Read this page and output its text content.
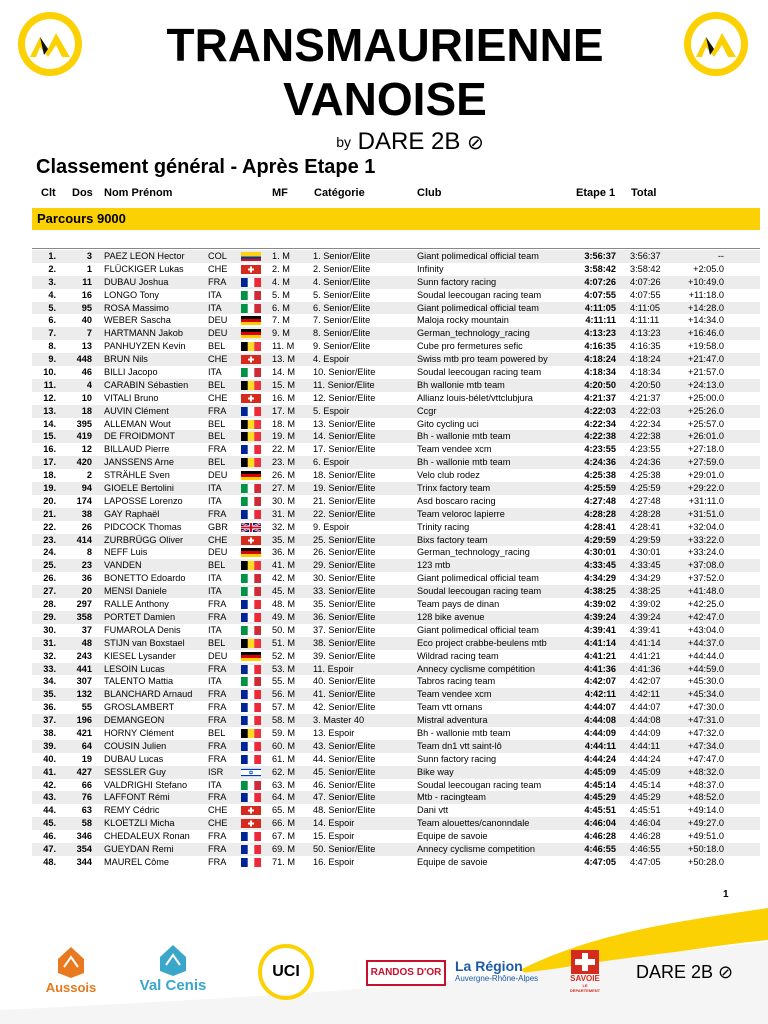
TRANSMAURIENNE
VANOISE
$^{by}$ DARE 2B ⊘
Classement général - Après Etape 1
Clt Dos Nom Prénom	MF Catégorie	Club	Etape 1 Total
Parcours 9000
1.	3 PAEZ LEON Hector	COL	1. M	1. Senior/Elite	Giant polimedical official team	3:56:37 3:56:37	--
2.	1 FLÜCKIGER Lukas	CHE	2. M	2. Senior/Elite	Infinity	3:58:42 3:58:42	+2:05.0
3.	11 DUBAU Joshua	FRA	4. M	4. Senior/Elite	Sunn factory racing	4:07:26 4:07:26	+10:49.0
4.	16 LONGO Tony	ITA	5. M	5. Senior/Elite	Soudal leecougan racing team	4:07:55 4:07:55	+11:18.0
5.	95 ROSA Massimo	ITA	6. M	6. Senior/Elite	Giant polimedical official team	4:11:05 4:11:05	+14:28.0
6.	40 WEBER Sascha	DEU	7. M	7. Senior/Elite	Maloja rocky mountain	4:11:11 4:11:11	+14:34.0
7.	7 HARTMANN Jakob	DEU	9. M	8. Senior/Elite	German_technology_racing	4:13:23 4:13:23	+16:46.0
8.	13 PANHUYZEN Kevin BEL	11. M 9. Senior/Elite	Cube pro fermetures sefic	4:16:35 4:16:35	+19:58.0
9.	448 BRUN Nils	CHE	13. M 4. Espoir	Swiss mtb pro team powered by	4:18:24 4:18:24	+21:47.0
10.	46 BILLI Jacopo	ITA	14. M 10. Senior/Elite	Soudal leecougan racing team	4:18:34 4:18:34	+21:57.0
11.	4 CARABIN Sébastien BEL	15. M 11. Senior/Elite	Bh wallonie mtb team	4:20:50 4:20:50	+24:13.0
12.	10 VITALI Bruno	CHE	16. M 12. Senior/Elite	Allianz louis-bélet/vttclubjura	4:21:37 4:21:37	+25:00.0
13.	18 AUVIN Clément	FRA	17. M 5. Espoir	Ccgr	4:22:03 4:22:03	+25:26.0
14.	395 ALLEMAN Wout	BEL	18. M 13. Senior/Elite	Gito cycling uci	4:22:34 4:22:34	+25:57.0
15.	419 DE FROIDMONT	BEL	19. M 14. Senior/Elite	Bh - wallonie mtb team	4:22:38 4:22:38	+26:01.0
16.	12 BILLAUD Pierre	FRA	22. M 17. Senior/Elite	Team vendee xcm	4:23:55 4:23:55	+27:18.0
17.	420 JANSSENS Arne	BEL	23. M 6. Espoir	Bh - wallonie mtb team	4:24:36 4:24:36	+27:59.0
18.	2 STRÄHLE Sven	DEU	26. M 18. Senior/Elite	Velo club rodez	4:25:38 4:25:38	+29:01.0
19.	94 GIOELE Bertolini	ITA	27. M 19. Senior/Elite	Trinx factory team	4:25:59 4:25:59	+29:22.0
20.	174 LAPOSSE Lorenzo	ITA	30. M 21. Senior/Elite	Asd boscaro racing	4:27:48 4:27:48	+31:11.0
21.	38 GAY Raphaël	FRA	31. M 22. Senior/Elite	Team veloroc lapierre	4:28:28 4:28:28	+31:51.0
22.	26 PIDCOCK Thomas	GBR	32. M 9. Espoir	Trinity racing	4:28:41 4:28:41	+32:04.0
23.	414 ZURBRÜGG Oliver	CHE	35. M 25. Senior/Elite	Bixs factory team	4:29:59 4:29:59	+33:22.0
24.	8 NEFF Luis	DEU	36. M 26. Senior/Elite	German_technology_racing	4:30:01 4:30:01	+33:24.0
25.	23 VANDEN	BEL	41. M 29. Senior/Elite	123 mtb	4:33:45 4:33:45	+37:08.0
26.	36 BONETTO Edoardo ITA	42. M 30. Senior/Elite	Giant polimedical official team	4:34:29 4:34:29	+37:52.0
27.	20 MENSI Daniele	ITA	45. M 33. Senior/Elite	Soudal leecougan racing team	4:38:25 4:38:25	+41:48.0
28.	297 RALLE Anthony	FRA	48. M 35. Senior/Elite	Team pays de dinan	4:39:02 4:39:02	+42:25.0
29.	358 PORTET Damien	FRA	49. M 36. Senior/Elite	128 bike avenue	4:39:24 4:39:24	+42:47.0
30.	37 FUMAROLA Denis	ITA	50. M 37. Senior/Elite	Giant polimedical official team	4:39:41 4:39:41	+43:04.0
31.	48 STIJN van Boxstael	BEL	51. M 38. Senior/Elite	Eco project crabbe-beulens mtb	4:41:14 4:41:14	+44:37.0
32.	243 KIESEL Lysander	DEU	52. M 39. Senior/Elite	Wildrad racing team	4:41:21 4:41:21	+44:44.0
33.	441 LESOIN Lucas	FRA	53. M 11. Espoir	Annecy cyclisme compétition	4:41:36 4:41:36	+44:59.0
34.	307 TALENTO Mattia	ITA	55. M 40. Senior/Elite	Tabros racing team	4:42:07 4:42:07	+45:30.0
35.	132 BLANCHARD Arnaud FRA	56. M 41. Senior/Elite	Team vendee xcm	4:42:11 4:42:11	+45:34.0
36.	55 GROSLAMBERT	FRA	57. M 42. Senior/Elite	Team vtt ornans	4:44:07 4:44:07	+47:30.0
37.	196 DEMANGEON	FRA	58. M 3. Master 40	Mistral adventura	4:44:08 4:44:08	+47:31.0
38.	421 HORNY Clément	BEL	59. M 13. Espoir	Bh - wallonie mtb team	4:44:09 4:44:09	+47:32.0
39.	64 COUSIN Julien	FRA	60. M 43. Senior/Elite	Team dn1 vtt saint-lô	4:44:11 4:44:11	+47:34.0
40.	19 DUBAU Lucas	FRA	61. M 44. Senior/Elite	Sunn factory racing	4:44:24 4:44:24	+47:47.0
41.	427 SESSLER Guy	ISR	62. M 45. Senior/Elite	Bike way	4:45:09 4:45:09	+48:32.0
42.	66 VALDRIGHI Stefano ITA	63. M 46. Senior/Elite	Soudal leecougan racing team	4:45:14 4:45:14	+48:37.0
43.	76 LAFFONT Rémi	FRA	64. M 47. Senior/Elite	Mtb - racingteam	4:45:29 4:45:29	+48:52.0
44.	63 REMY Cédric	CHE	65. M 48. Senior/Elite	Dani vtt	4:45:51 4:45:51	+49:14.0
45.	58 KLOETZLI Micha	CHE	66. M 14. Espoir	Team alouettes/canonndale	4:46:04 4:46:04	+49:27.0
46.	346 CHEDALEUX Ronan FRA	67. M 15. Espoir	Equipe de savoie	4:46:28 4:46:28	+49:51.0
47.	354 GUEYDAN Remi	FRA	69. M 50. Senior/Elite	Annecy cyclisme competition	4:46:55 4:46:55	+50:18.0
48.	344 MAUREL Côme	FRA	71. M 16. Espoir	Equipe de savoie	4:47:05 4:47:05	+50:28.0
1
Aussois	Val Cenis
UCI	RANDOS D'OR La Région
Auvergne-Rhône-Alpes	SAVOIE
LE DÉPARTEMENT
DARE 2B ⊘
